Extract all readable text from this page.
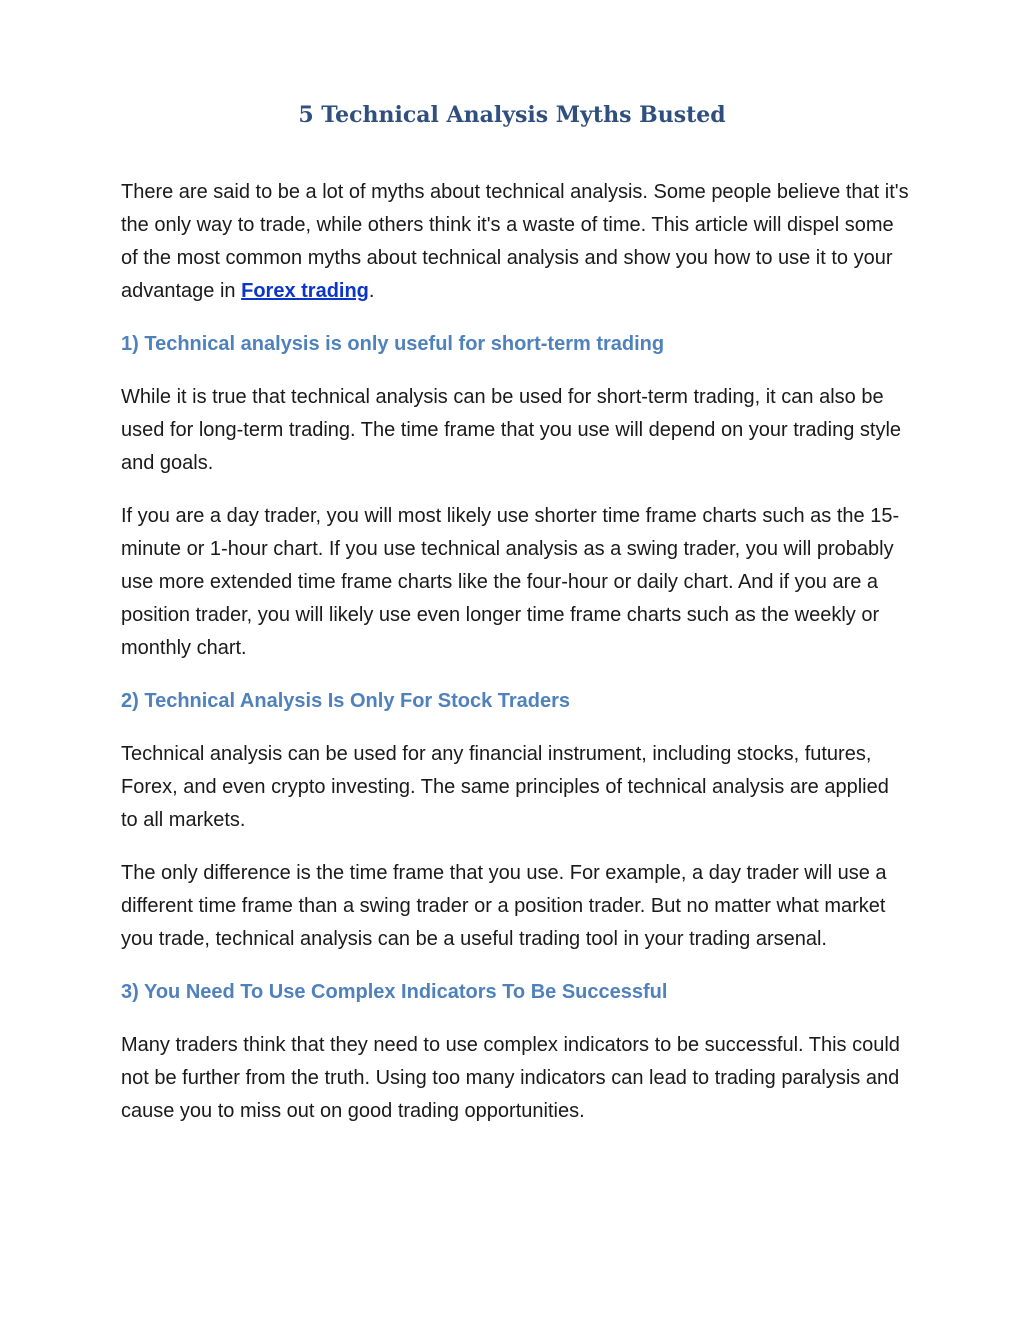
5 Technical Analysis Myths Busted

There are said to be a lot of myths about technical analysis. Some people believe that it's the only way to trade, while others think it's a waste of time. This article will dispel some of the most common myths about technical analysis and show you how to use it to your advantage in Forex trading.

1) Technical analysis is only useful for short-term trading

While it is true that technical analysis can be used for short-term trading, it can also be used for long-term trading. The time frame that you use will depend on your trading style and goals.

If you are a day trader, you will most likely use shorter time frame charts such as the 15-minute or 1-hour chart. If you use technical analysis as a swing trader, you will probably use more extended time frame charts like the four-hour or daily chart. And if you are a position trader, you will likely use even longer time frame charts such as the weekly or monthly chart.

2) Technical Analysis Is Only For Stock Traders

Technical analysis can be used for any financial instrument, including stocks, futures, Forex, and even crypto investing. The same principles of technical analysis are applied to all markets.

The only difference is the time frame that you use. For example, a day trader will use a different time frame than a swing trader or a position trader. But no matter what market you trade, technical analysis can be a useful trading tool in your trading arsenal.

3) You Need To Use Complex Indicators To Be Successful

Many traders think that they need to use complex indicators to be successful. This could not be further from the truth. Using too many indicators can lead to trading paralysis and cause you to miss out on good trading opportunities.
